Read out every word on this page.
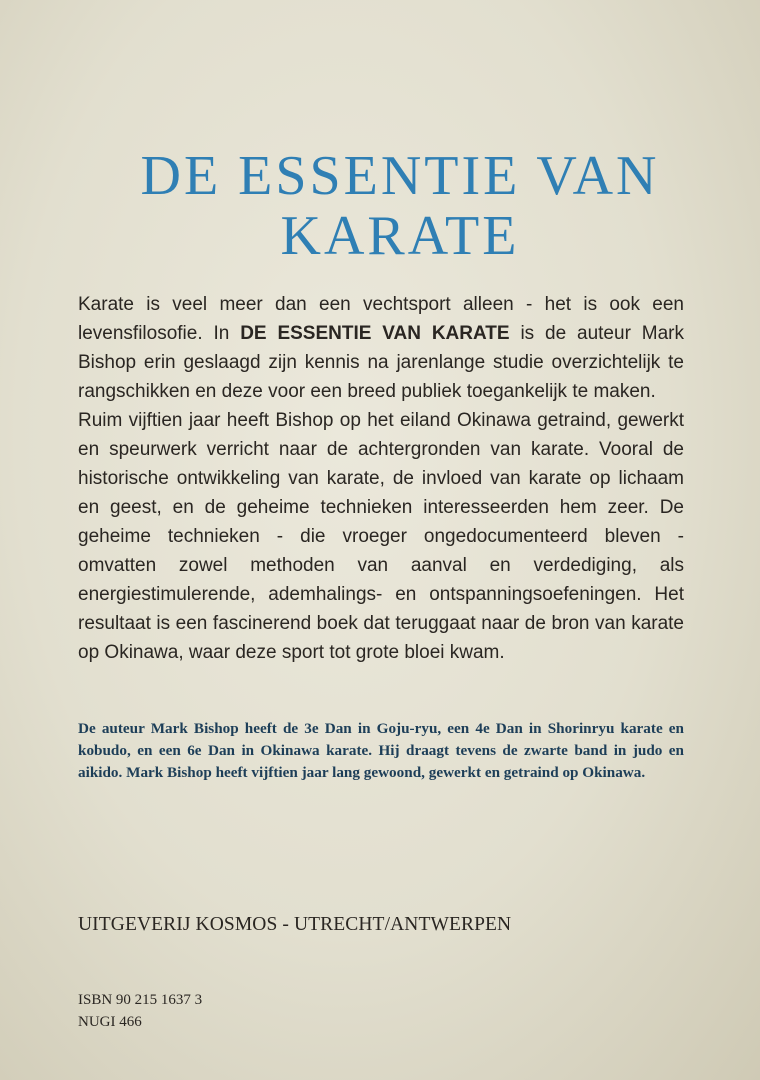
DE ESSENTIE VAN
KARATE

Karate is veel meer dan een vechtsport alleen - het is ook een levensfilosofie. In DE ESSENTIE VAN KARATE is de auteur Mark Bishop erin geslaagd zijn kennis na jarenlange studie overzichtelijk te rangschikken en deze voor een breed publiek toegankelijk te maken.

Ruim vijftien jaar heeft Bishop op het eiland Okinawa getraind, gewerkt en speurwerk verricht naar de achtergronden van karate. Vooral de historische ontwikkeling van karate, de invloed van karate op lichaam en geest, en de geheime technieken interesseerden hem zeer. De geheime technieken - die vroeger ongedocumenteerd bleven - omvatten zowel methoden van aanval en verdediging, als energiestimulerende, ademhalings- en ontspanningsoefeningen. Het resultaat is een fascinerend boek dat teruggaat naar de bron van karate op Okinawa, waar deze sport tot grote bloei kwam.

De auteur Mark Bishop heeft de 3e Dan in Goju-ryu, een 4e Dan in Shorinryu karate en kobudo, en een 6e Dan in Okinawa karate. Hij draagt tevens de zwarte band in judo en aikido. Mark Bishop heeft vijftien jaar lang gewoond, gewerkt en getraind op Okinawa.
UITGEVERIJ KOSMOS - UTRECHT/ANTWERPEN
ISBN 90 215 1637 3
NUGI 466
